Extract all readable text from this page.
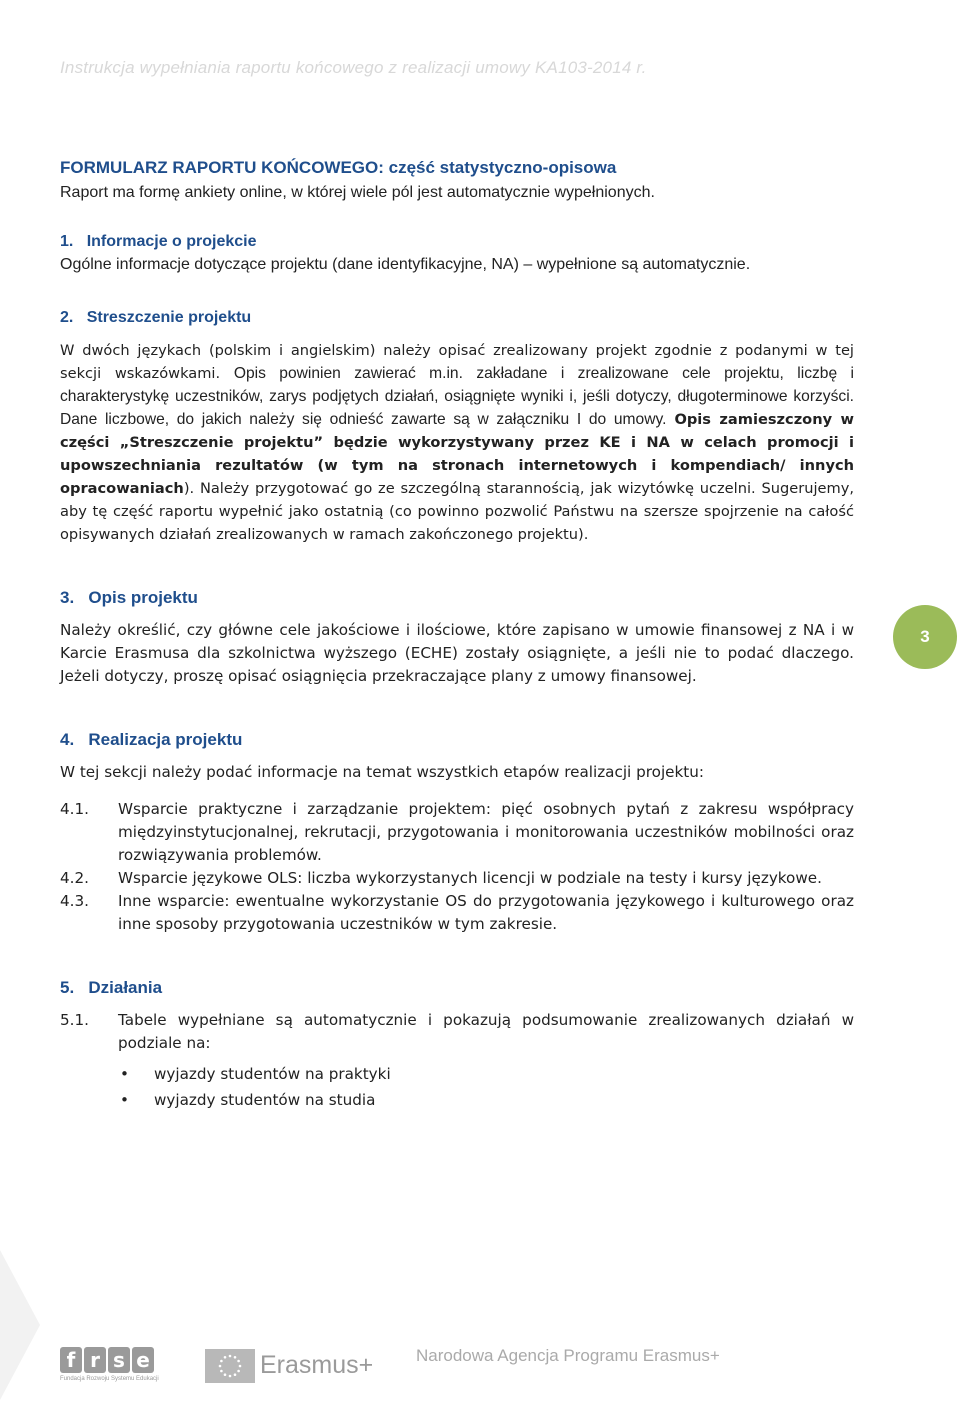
Instrukcja wypełniania raportu końcowego z realizacji umowy KA103-2014 r.
FORMULARZ RAPORTU KOŃCOWEGO: część statystyczno-opisowa

Raport ma formę ankiety online, w której wiele pól jest automatycznie wypełnionych.

1. Informacje o projekcie

Ogólne informacje dotyczące projektu (dane identyfikacyjne, NA) – wypełnione są automatycznie.

2. Streszczenie projektu

W dwóch językach (polskim i angielskim) należy opisać zrealizowany projekt zgodnie z podanymi w tej sekcji wskazówkami. Opis powinien zawierać m.in. zakładane i zrealizowane cele projektu, liczbę i charakterystykę uczestników, zarys podjętych działań, osiągnięte wyniki i, jeśli dotyczy, długoterminowe korzyści. Dane liczbowe, do jakich należy się odnieść zawarte są w załączniku I do umowy. Opis zamieszczony w części „Streszczenie projektu” będzie wykorzystywany przez KE i NA w celach promocji i upowszechniania rezultatów (w tym na stronach internetowych i kompendiach/ innych opracowaniach). Należy przygotować go ze szczególną starannością, jak wizytówkę uczelni. Sugerujemy, aby tę część raportu wypełnić jako ostatnią (co powinno pozwolić Państwu na szersze spojrzenie na całość opisywanych działań zrealizowanych w ramach zakończonego projektu).

3. Opis projektu

Należy określić, czy główne cele jakościowe i ilościowe, które zapisano w umowie finansowej z NA i w Karcie Erasmusa dla szkolnictwa wyższego (ECHE) zostały osiągnięte, a jeśli nie to podać dlaczego. Jeżeli dotyczy, proszę opisać osiągnięcia przekraczające plany z umowy finansowej.

4. Realizacja projektu

W tej sekcji należy podać informacje na temat wszystkich etapów realizacji projektu:

4.1. Wsparcie praktyczne i zarządzanie projektem: pięć osobnych pytań z zakresu współpracy międzyinstytucjonalnej, rekrutacji, przygotowania i monitorowania uczestników mobilności oraz rozwiązywania problemów.
4.2. Wsparcie językowe OLS: liczba wykorzystanych licencji w podziale na testy i kursy językowe.
4.3. Inne wsparcie: ewentualne wykorzystanie OS do przygotowania językowego i kulturowego oraz inne sposoby przygotowania uczestników w tym zakresie.
5. Działania
5.1. Tabele wypełniane są automatycznie i pokazują podsumowanie zrealizowanych działań w podziale na:
• wyjazdy studentów na praktyki
• wyjazdy studentów na studia
3
f r s e
Fundacja Rozwoju Systemu Edukacji	Erasmus+	Narodowa Agencja Programu Erasmus+
